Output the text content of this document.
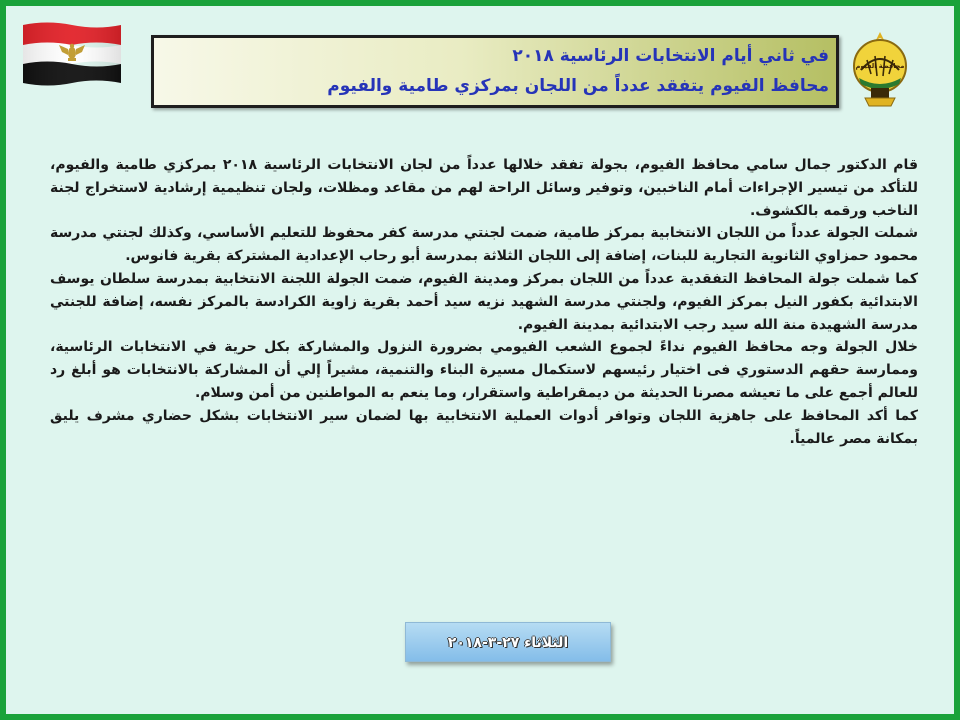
في ثاني أيام الانتخابات الرئاسية ٢٠١٨
محافظ الفيوم يتفقد عدداً من اللجان بمركزي طامية والفيوم
محافظة الفيوم

قام الدكتور جمال سامي محافظ الفيوم، بجولة تفقد خلالها عدداً من لجان الانتخابات الرئاسية ٢٠١٨ بمركزي طامية والفيوم، للتأكد من تيسير الإجراءات أمام الناخبين، وتوفير وسائل الراحة لهم من مقاعد ومظلات، ولجان تنظيمية إرشادية لاستخراج لجنة الناخب ورقمه بالكشوف.

شملت الجولة عدداً من اللجان الانتخابية بمركز طامية، ضمت لجنتي مدرسة كفر محفوظ للتعليم الأساسي، وكذلك لجنتي مدرسة محمود حمزاوي الثانوية التجارية للبنات، إضافة إلى اللجان الثلاثة بمدرسة أبو رحاب الإعدادية المشتركة بقرية فانوس.

كما شملت جولة المحافظ التفقدية عدداً من اللجان بمركز ومدينة الفيوم، ضمت الجولة اللجنة الانتخابية بمدرسة سلطان يوسف الابتدائية بكفور النيل بمركز الفيوم، ولجنتي مدرسة الشهيد نزيه سيد أحمد بقرية زاوية الكرادسة بالمركز نفسه، إضافة للجنتي مدرسة الشهيدة منة الله سيد رجب الابتدائية بمدينة الفيوم.

خلال الجولة وجه محافظ الفيوم نداءً لجموع الشعب الفيومي بضرورة النزول والمشاركة بكل حرية في الانتخابات الرئاسية، وممارسة حقهم الدستوري فى اختيار رئيسهم لاستكمال مسيرة البناء والتنمية، مشيراً إلي أن المشاركة بالانتخابات هو أبلغ رد للعالم أجمع على ما تعيشه مصرنا الحديثة من ديمقراطية واستقرار، وما ينعم به المواطنين من أمن وسلام.

كما أكد المحافظ على جاهزية اللجان وتوافر أدوات العملية الانتخابية بها لضمان سير الانتخابات بشكل حضاري مشرف يليق بمكانة مصر عالمياً.

الثلاثاء ٢٧-٣-٢٠١٨
